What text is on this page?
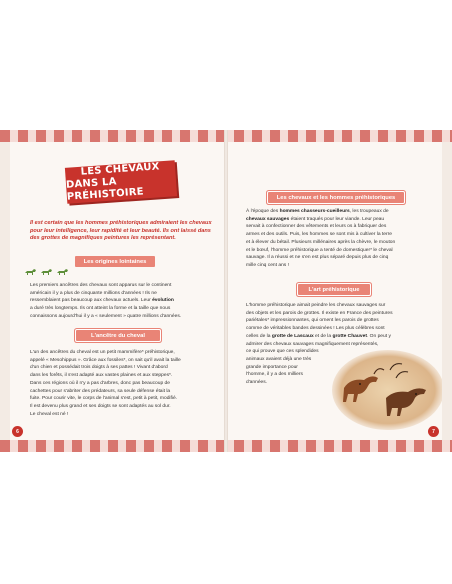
LES CHEVAUX
DANS LA PRÉHISTOIRE
Il est certain que les hommes préhistoriques admiraient les chevaux pour leur intelligence, leur rapidité et leur beauté. Ils ont laissé dans des grottes de magnifiques peintures les représentant.
Les origines lointaines
Les premiers ancêtres des chevaux sont apparus sur le continent
américain il y a plus de cinquante millions d'années ! Ils ne
ressemblaient pas beaucoup aux chevaux actuels. Leur évolution
a duré très longtemps. Ils ont atteint la forme et la taille que nous
connaissons aujourd'hui il y a « seulement » quatre millions d'années.
L'ancêtre du cheval
L'un des ancêtres du cheval est un petit mammifère* préhistorique,
appelé « Mesohippus ». Grâce aux fossiles*, on sait qu'il avait la taille
d'un chien et possédait trois doigts à ses pattes ! Vivant d'abord
dans les forêts, il s'est adapté aux vastes plaines et aux steppes*.
Dans ces régions où il n'y a pas d'arbres, donc pas beaucoup de
cachettes pour s'abriter des prédateurs, sa seule défense était la
fuite. Pour courir vite, le corps de l'animal s'est, petit à petit, modifié.
Il est devenu plus grand et ses doigts se sont adaptés au sol dur.
Le cheval est né !
6
Les chevaux et les hommes préhistoriques
À l'époque des hommes chasseurs-cueilleurs, les troupeaux de
chevaux sauvages étaient traqués pour leur viande. Leur peau
servait à confectionner des vêtements et leurs os à fabriquer des
armes et des outils. Puis, les hommes se sont mis à cultiver la terre
et à élever du bétail. Plusieurs millénaires après la chèvre, le mouton
et le bœuf, l'homme préhistorique a tenté de domestiquer* le cheval
sauvage. Il a réussi et ne s'en est plus séparé depuis plus de cinq
mille cinq cent ans !
L'art préhistorique
L'homme préhistorique aimait peindre les chevaux sauvages sur
des objets et les parois de grottes. Il existe en France des peintures
pariétales* impressionnantes, qui ornent les parois de grottes
comme de véritables bandes dessinées ! Les plus célèbres sont
celles de la grotte de Lascaux et de la grotte Chauvet. On peut y
admirer des chevaux sauvages magnifiquement représentés,
ce qui prouve que ces splendides
animaux avaient déjà une très
grande importance pour
l'homme, il y a des milliers
d'années.
7
